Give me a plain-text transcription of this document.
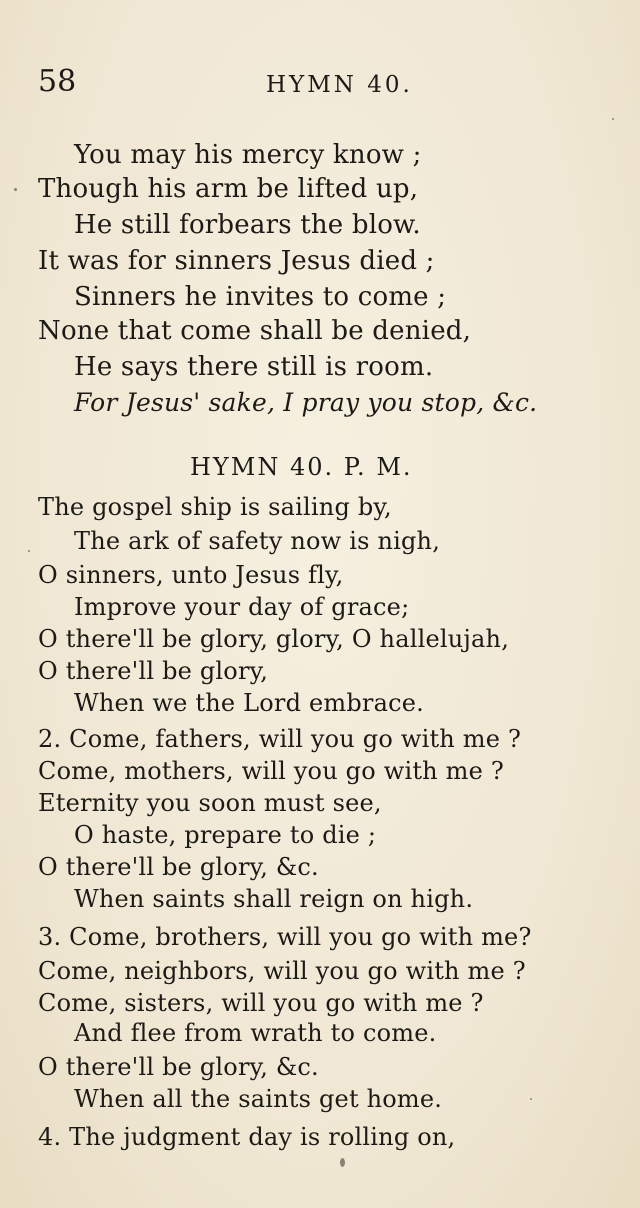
58	HYMN 40.
You may his mercy know ;
Though his arm be lifted up,
He still forbears the blow.
It was for sinners Jesus died ;
Sinners he invites to come ;
None that come shall be denied,
He says there still is room.
For Jesus' sake, I pray you stop, &c.
HYMN 40. P. M.
The gospel ship is sailing by,
The ark of safety now is nigh,
O sinners, unto Jesus fly,
Improve your day of grace;
O there'll be glory, glory, O hallelujah,
O there'll be glory,
When we the Lord embrace.
2. Come, fathers, will you go with me ?
Come, mothers, will you go with me ?
Eternity you soon must see,
O haste, prepare to die ;
O there'll be glory, &c.
When saints shall reign on high.
3. Come, brothers, will you go with me?
Come, neighbors, will you go with me ?
Come, sisters, will you go with me ?
And flee from wrath to come.
O there'll be glory, &c.
When all the saints get home.
4. The judgment day is rolling on,
